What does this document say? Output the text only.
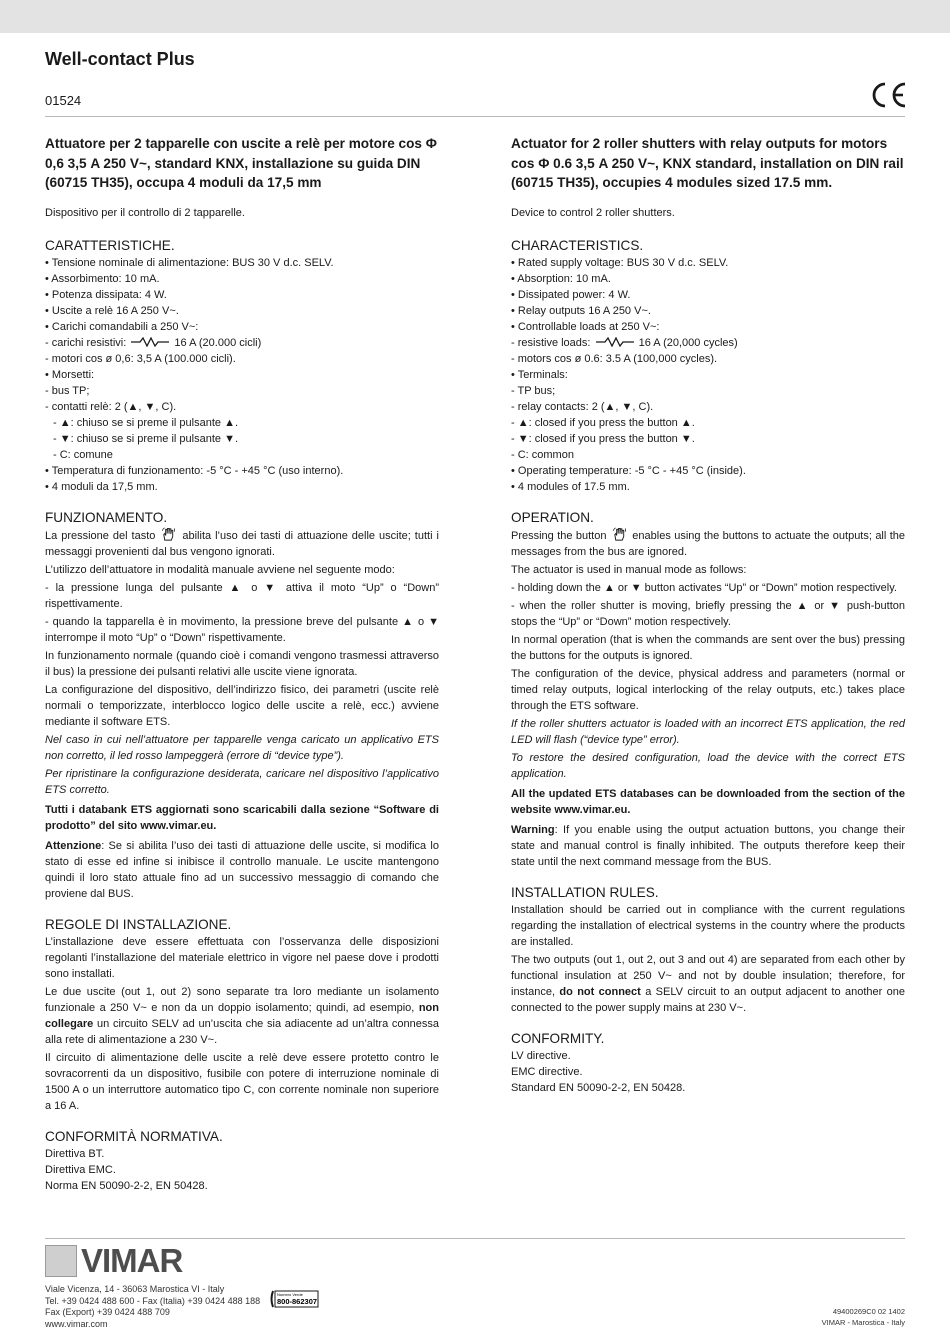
Well-contact Plus
01524
Attuatore per 2 tapparelle con uscite a relè per motore cos Φ 0,6 3,5 A 250 V~, standard KNX, installazione su guida DIN (60715 TH35), occupa 4 moduli da 17,5 mm
Dispositivo per il controllo di 2 tapparelle.
CARATTERISTICHE.
• Tensione nominale di alimentazione: BUS 30 V d.c. SELV.
• Assorbimento: 10 mA.
• Potenza dissipata: 4 W.
• Uscite a relè 16 A 250 V~.
• Carichi comandabili a 250 V~:
- carichi resistivi:	16 A (20.000 cicli)
- motori cos ø 0,6: 3,5 A (100.000 cicli).
• Morsetti:
- bus TP;
- contatti relè: 2 (▲, ▼, C).
- ▲: chiuso se si preme il pulsante ▲.
- ▼: chiuso se si preme il pulsante ▼.
- C: comune
• Temperatura di funzionamento: -5 °C - +45 °C (uso interno).
• 4 moduli da 17,5 mm.
FUNZIONAMENTO.

La pressione del tasto abilita l’uso dei tasti di attuazione delle uscite; tutti i messaggi provenienti dal bus vengono ignorati.

L’utilizzo dell’attuatore in modalità manuale avviene nel seguente modo:

- la pressione lunga del pulsante ▲ o ▼ attiva il moto “Up” o “Down” rispettivamente.

- quando la tapparella è in movimento, la pressione breve del pulsante ▲ o ▼ interrompe il moto “Up” o “Down” rispettivamente.

In funzionamento normale (quando cioè i comandi vengono trasmessi attraverso il bus) la pressione dei pulsanti relativi alle uscite viene ignorata.

La configurazione del dispositivo, dell’indirizzo fisico, dei parametri (uscite relè normali o temporizzate, interblocco logico delle uscite a relè, ecc.) avviene mediante il software ETS.

Nel caso in cui nell’attuatore per tapparelle venga caricato un applicativo ETS non corretto, il led rosso lampeggerà (errore di “device type”).

Per ripristinare la configurazione desiderata, caricare nel dispositivo l’applicativo ETS corretto.

Tutti i databank ETS aggiornati sono scaricabili dalla sezione “Software di prodotto” del sito www.vimar.eu.

Attenzione: Se si abilita l’uso dei tasti di attuazione delle uscite, si modifica lo stato di esse ed infine si inibisce il controllo manuale. Le uscite mantengono quindi il loro stato attuale fino ad un successivo messaggio di comando che proviene dal BUS.

REGOLE DI INSTALLAZIONE.

L’installazione deve essere effettuata con l’osservanza delle disposizioni regolanti l’installazione del materiale elettrico in vigore nel paese dove i prodotti sono installati.

Le due uscite (out 1, out 2) sono separate tra loro mediante un isolamento funzionale a 250 V~ e non da un doppio isolamento; quindi, ad esempio, non collegare un circuito SELV ad un’uscita che sia adiacente ad un’altra connessa alla rete di alimentazione a 230 V~.

Il circuito di alimentazione delle uscite a relè deve essere protetto contro le sovracorrenti da un dispositivo, fusibile con potere di interruzione nominale di 1500 A o un interruttore automatico tipo C, con corrente nominale non superiore a 16 A.

CONFORMITÀ NORMATIVA.
Direttiva BT.
Direttiva EMC.
Norma EN 50090-2-2, EN 50428.
Actuator for 2 roller shutters with relay outputs for motors cos Φ 0.6 3,5 A 250 V~, KNX standard, installation on DIN rail (60715 TH35), occupies 4 modules sized 17.5 mm.
Device to control 2 roller shutters.
CHARACTERISTICS.
• Rated supply voltage: BUS 30 V d.c. SELV.
• Absorption: 10 mA.
• Dissipated power: 4 W.
• Relay outputs 16 A 250 V~.
• Controllable loads at 250 V~:
- resistive loads:	16 A (20,000 cycles)
- motors cos ø 0.6: 3.5 A (100,000 cycles).
• Terminals:
- TP bus;
- relay contacts: 2 (▲, ▼, C).
- ▲: closed if you press the button ▲.
- ▼: closed if you press the button ▼.
- C: common
• Operating temperature: -5 °C - +45 °C (inside).
• 4 modules of 17.5 mm.
OPERATION.

Pressing the button enables using the buttons to actuate the outputs; all the messages from the bus are ignored.

The actuator is used in manual mode as follows:

- holding down the ▲ or ▼ button activates “Up” or “Down” motion respectively.

- when the roller shutter is moving, briefly pressing the ▲ or ▼ push-button stops the “Up” or “Down” motion respectively.

In normal operation (that is when the commands are sent over the bus) pressing the buttons for the outputs is ignored.

The configuration of the device, physical address and parameters (normal or timed relay outputs, logical interlocking of the relay outputs, etc.) takes place through the ETS software.

If the roller shutters actuator is loaded with an incorrect ETS application, the red LED will flash (“device type” error).

To restore the desired configuration, load the device with the correct ETS application.

All the updated ETS databases can be downloaded from the section of the website www.vimar.eu.

Warning: If you enable using the output actuation buttons, you change their state and manual control is finally inhibited. The outputs therefore keep their state until the next command message from the BUS.

INSTALLATION RULES.

Installation should be carried out in compliance with the current regulations regarding the installation of electrical systems in the country where the products are installed.

The two outputs (out 1, out 2, out 3 and out 4) are separated from each other by functional insulation at 250 V~ and not by double insulation; therefore, for instance, do not connect a SELV circuit to an output adjacent to another one connected to the power supply mains at 230 V~.

CONFORMITY.
LV directive.
EMC directive.
Standard EN 50090-2-2, EN 50428.
VIMAR
Viale Vicenza, 14 - 36063 Marostica VI - Italy
Tel. +39 0424 488 600 - Fax (Italia) +39 0424 488 188
Fax (Export) +39 0424 488 709
www.vimar.com
Numero Verde
800-862307
49400269C0 02 1402
VIMAR - Marostica - Italy
